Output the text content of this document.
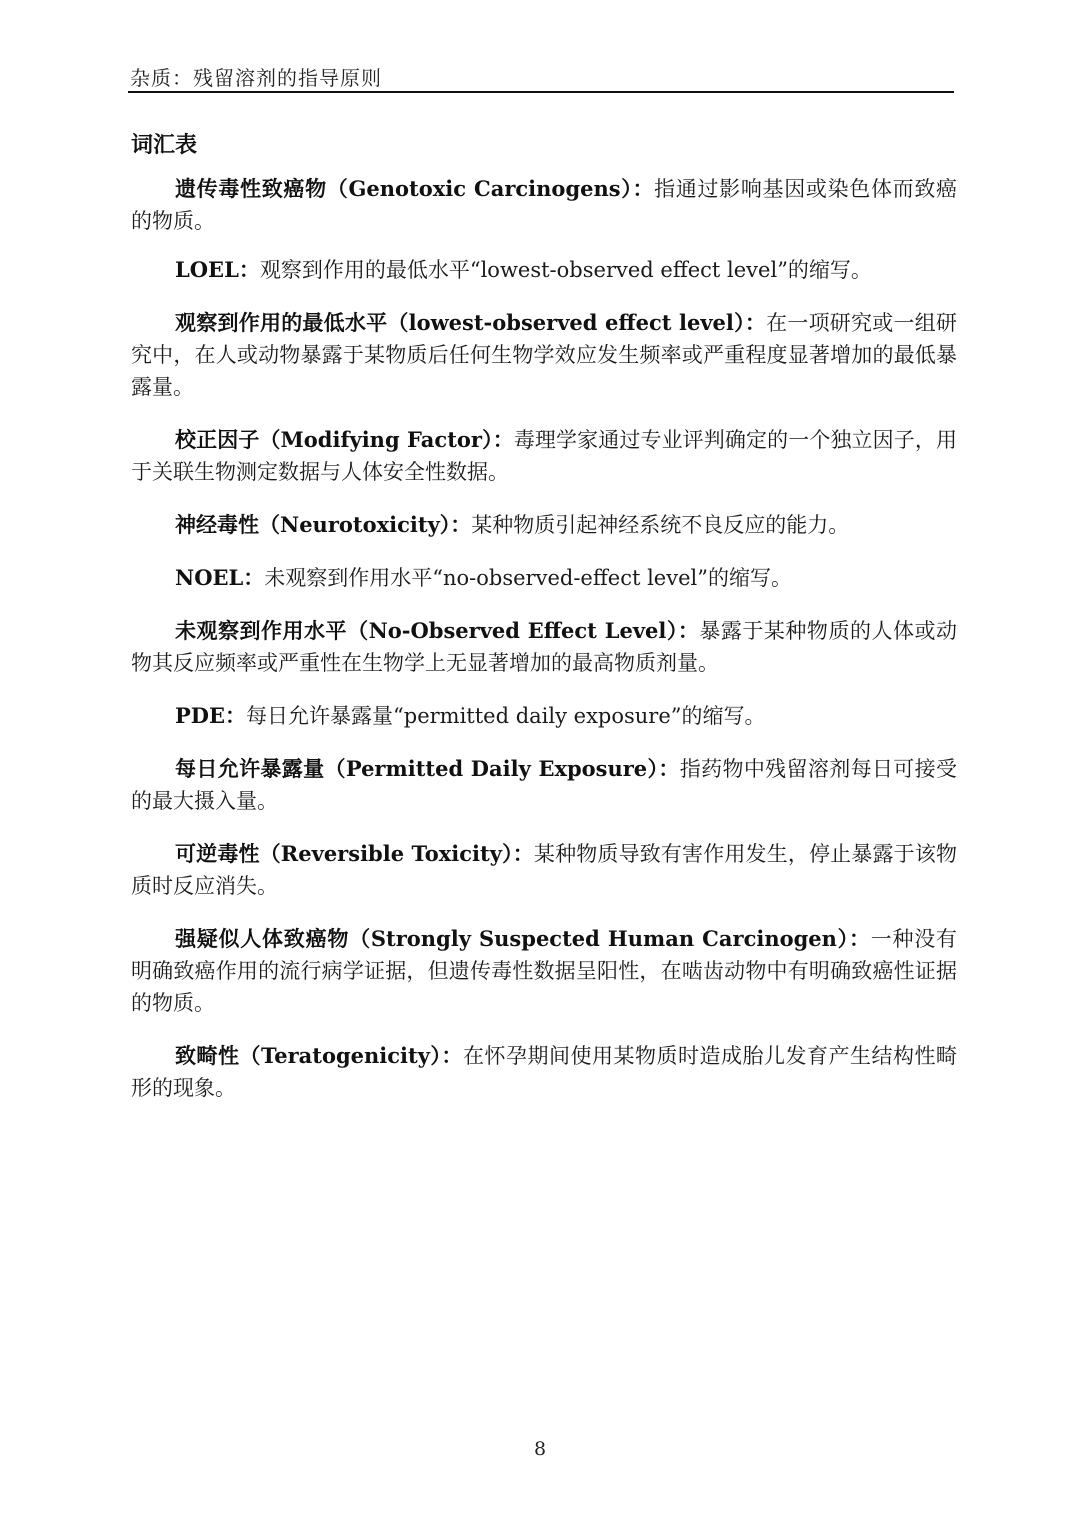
杂质：残留溶剂的指导原则
词汇表

遗传毒性致癌物（Genotoxic Carcinogens）：指通过影响基因或染色体而致癌的物质。

LOEL：观察到作用的最低水平“lowest-observed effect level”的缩写。

观察到作用的最低水平（lowest-observed effect level）：在一项研究或一组研究中，在人或动物暴露于某物质后任何生物学效应发生频率或严重程度显著增加的最低暴露量。

校正因子（Modifying Factor）：毒理学家通过专业评判确定的一个独立因子，用于关联生物测定数据与人体安全性数据。

神经毒性（Neurotoxicity）：某种物质引起神经系统不良反应的能力。

NOEL：未观察到作用水平“no-observed-effect level”的缩写。

未观察到作用水平（No-Observed Effect Level）：暴露于某种物质的人体或动物其反应频率或严重性在生物学上无显著增加的最高物质剂量。

PDE：每日允许暴露量“permitted daily exposure”的缩写。

每日允许暴露量（Permitted Daily Exposure）：指药物中残留溶剂每日可接受的最大摄入量。

可逆毒性（Reversible Toxicity）：某种物质导致有害作用发生，停止暴露于该物质时反应消失。

强疑似人体致癌物（Strongly Suspected Human Carcinogen）：一种没有明确致癌作用的流行病学证据，但遗传毒性数据呈阳性，在啮齿动物中有明确致癌性证据的物质。

致畸性（Teratogenicity）：在怀孕期间使用某物质时造成胎儿发育产生结构性畸形的现象。

8
